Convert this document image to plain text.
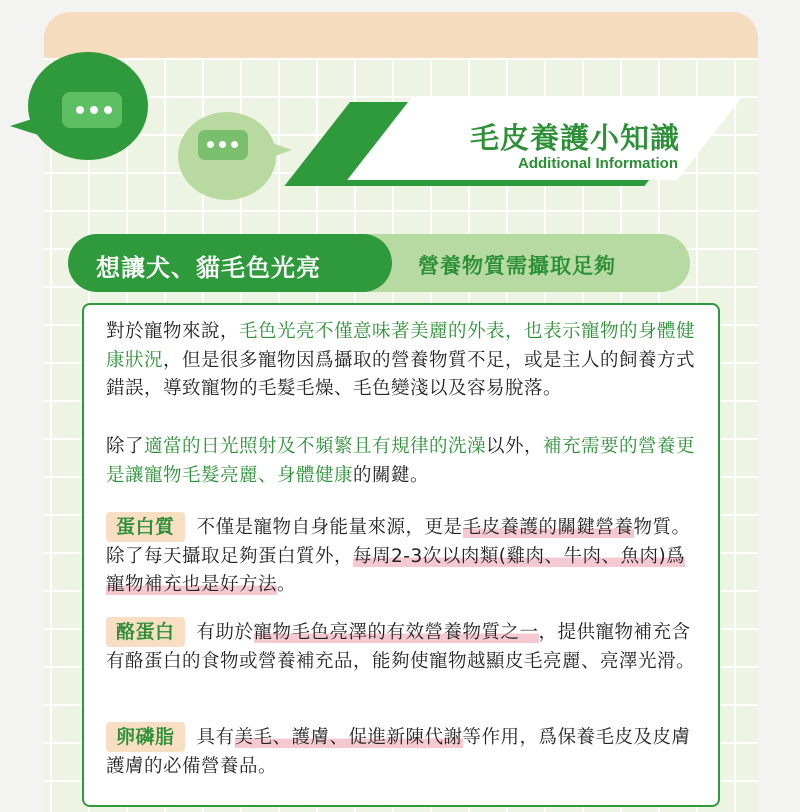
毛皮養護小知識
Additional Information
營養物質需攝取足夠
想讓犬、貓毛色光亮
對於寵物來說，毛色光亮不僅意味著美麗的外表，也表示寵物的身體健康狀況，但是很多寵物因爲攝取的營養物質不足，或是主人的飼養方式錯誤，導致寵物的毛髮毛燥、毛色變淺以及容易脫落。
除了適當的日光照射及不頻繁且有規律的洗澡以外，補充需要的營養更是讓寵物毛髮亮麗、身體健康的關鍵。
蛋白質 不僅是寵物自身能量來源，更是毛皮養護的關鍵營養物質。除了每天攝取足夠蛋白質外，每周2-3次以肉類(雞肉、牛肉、魚肉)爲寵物補充也是好方法。
酪蛋白 有助於寵物毛色亮澤的有效營養物質之一，提供寵物補充含有酪蛋白的食物或營養補充品，能夠使寵物越顯皮毛亮麗、亮澤光滑。
卵磷脂 具有美毛、護膚、促進新陳代謝等作用，爲保養毛皮及皮膚護膚的必備營養品。
